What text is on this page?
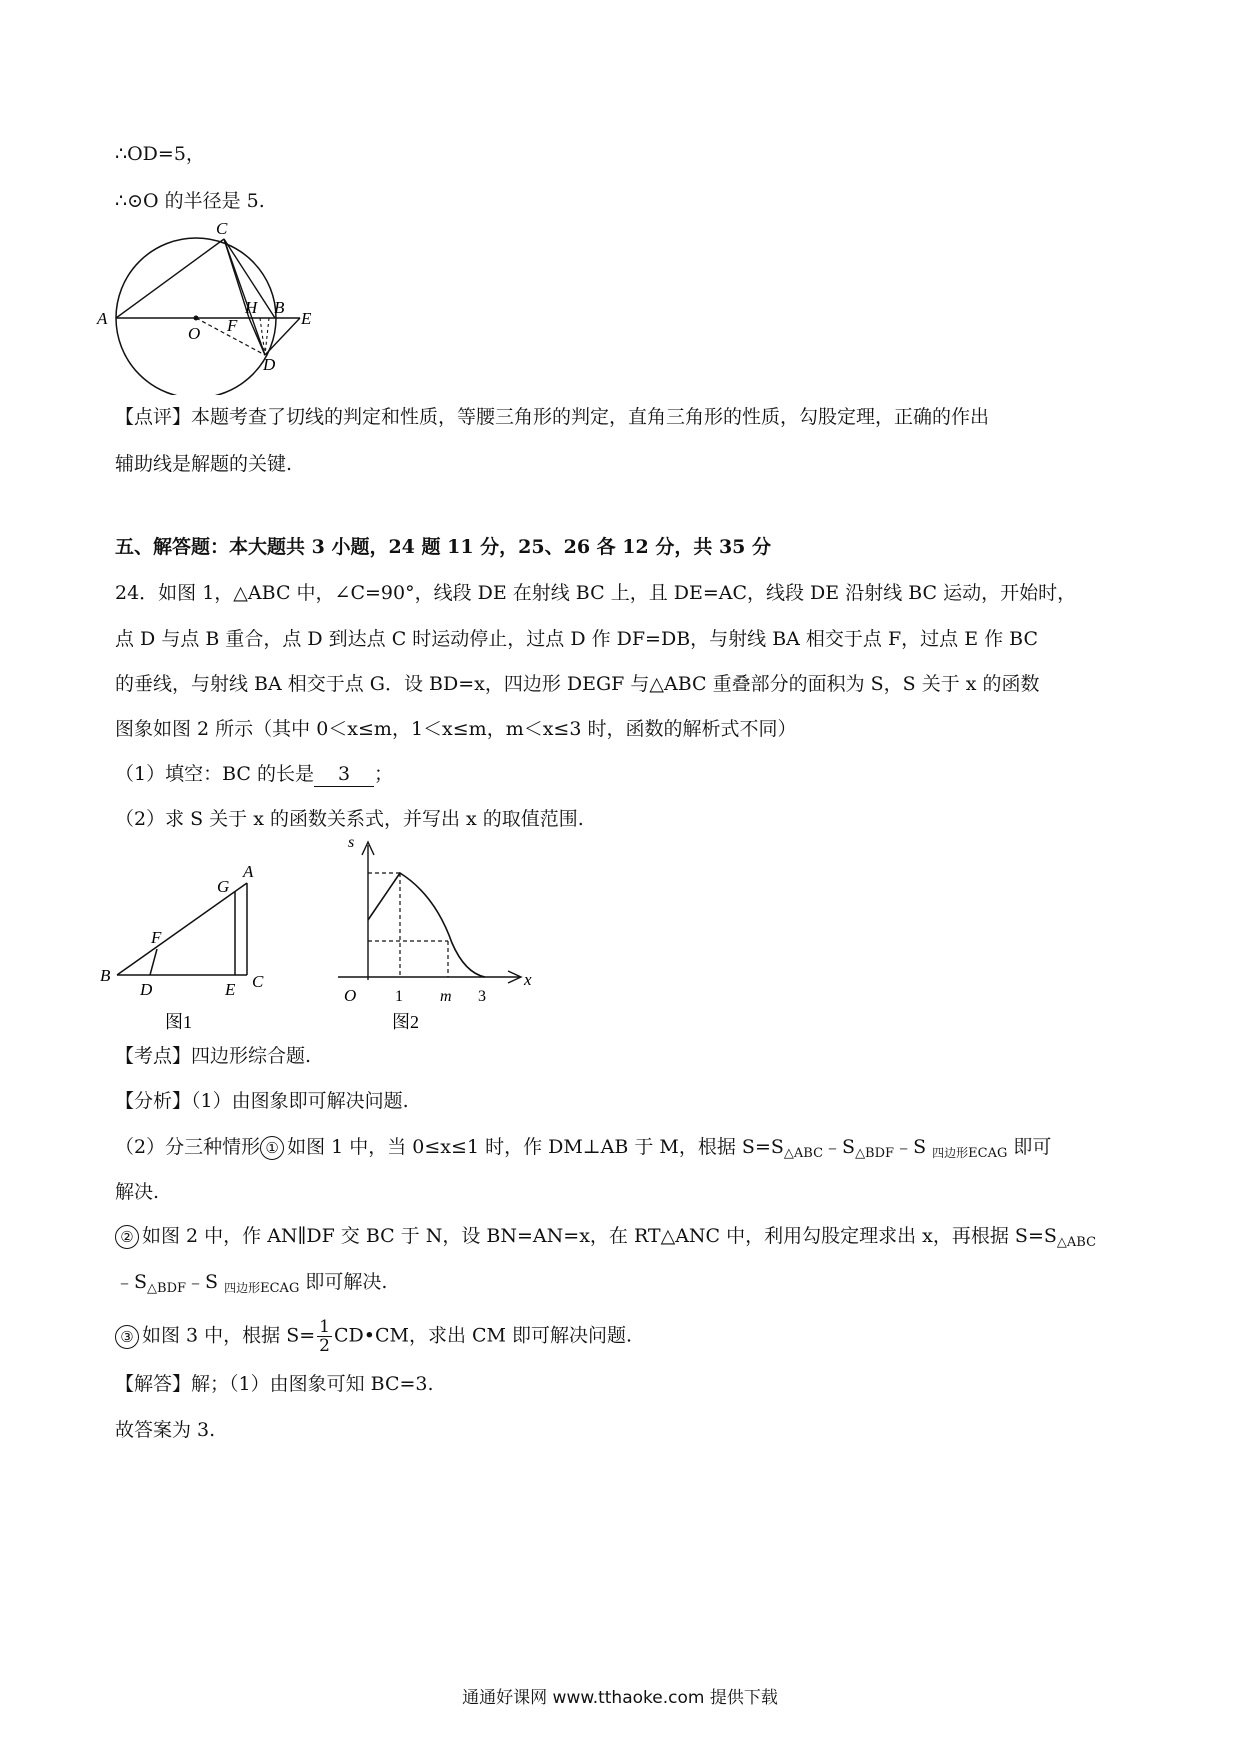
∴OD=5，
∴⊙O 的半径是 5.
A
C
O F
H B
E
D
【点评】本题考查了切线的判定和性质，等腰三角形的判定，直角三角形的性质，勾股定理，正确的作出
辅助线是解题的关键.
五、解答题：本大题共 3 小题，24 题 11 分，25、26 各 12 分，共 35 分
24．如图 1，△ABC 中，∠C=90°，线段 DE 在射线 BC 上，且 DE=AC，线段 DE 沿射线 BC 运动，开始时，
点 D 与点 B 重合，点 D 到达点 C 时运动停止，过点 D 作 DF=DB，与射线 BA 相交于点 F，过点 E 作 BC
的垂线，与射线 BA 相交于点 G．设 BD=x，四边形 DEGF 与△ABC 重叠部分的面积为 S，S 关于 x 的函数
图象如图 2 所示（其中 0＜x≤m，1＜x≤m，m＜x≤3 时，函数的解析式不同）
（1）填空：BC 的长是 3 ；
（2）求 S 关于 x 的函数关系式，并写出 x 的取值范围.
B
D
F
G
A
E C
图1
s
x
O 1 m 3
图2
【考点】四边形综合题.
【分析】（1）由图象即可解决问题.
（2）分三种情形 ① 如图 1 中，当 0≤x≤1 时，作 DM⊥AB 于 M，根据 $S=S_{\triangle ABC}﹣S_{\triangle BDF}﹣S$ $_{四边形ECAG}$ 即可
解决.
② 如图 2 中，作 AN∥DF 交 BC 于 N，设 BN=AN=x，在 RT△ANC 中，利用勾股定理求出 x，再根据 $S=S_{\triangle ABC}$
$﹣S_{\triangle BDF}﹣S$ $_{四边形ECAG}$ 即可解决.
③ 如图 3 中，根据 $S= \frac{1}{2}$ CD•CM，求出 CM 即可解决问题.
【解答】解；（1）由图象可知 BC=3.
故答案为 3.
通通好课网 www.tthaoke.com 提供下载
